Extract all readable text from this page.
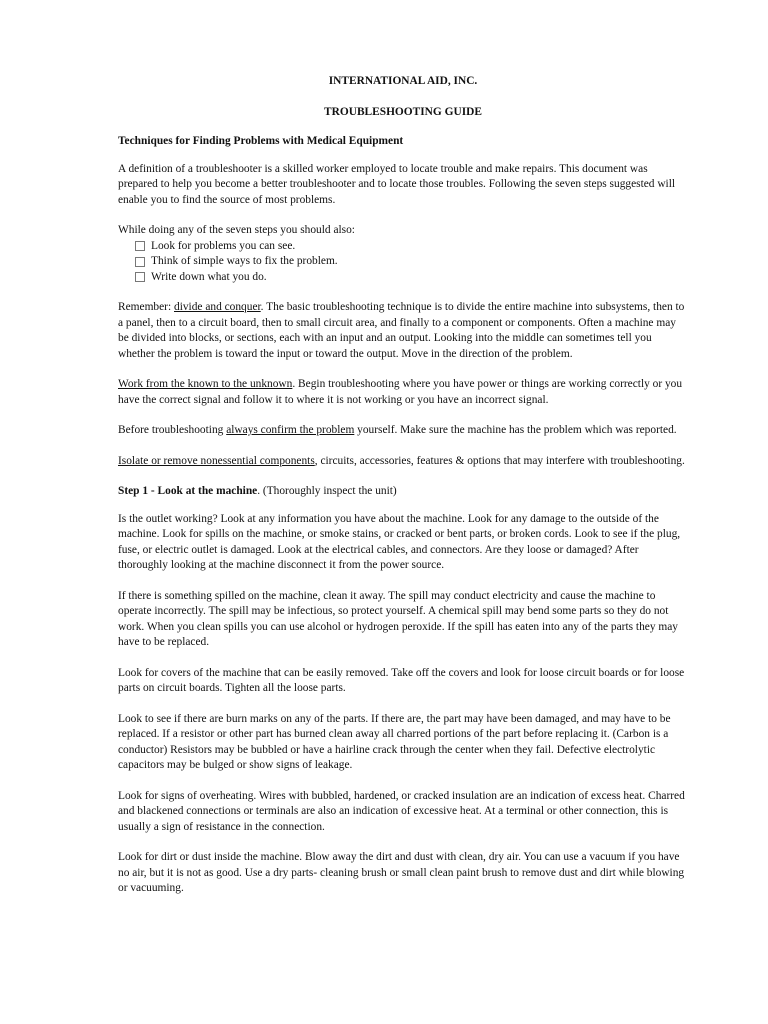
INTERNATIONAL AID, INC.

TROUBLESHOOTING GUIDE

Techniques for Finding Problems with Medical Equipment

A definition of a troubleshooter is a skilled worker employed to locate trouble and make repairs. This document was prepared to help you become a better troubleshooter and to locate those troubles. Following the seven steps suggested will enable you to find the source of most problems.

While doing any of the seven steps you should also:

Look for problems you can see.
Think of simple ways to fix the problem.
Write down what you do.

Remember: divide and conquer. The basic troubleshooting technique is to divide the entire machine into subsystems, then to a panel, then to a circuit board, then to small circuit area, and finally to a component or components. Often a machine may be divided into blocks, or sections, each with an input and an output. Looking into the middle can sometimes tell you whether the problem is toward the input or toward the output. Move in the direction of the problem.

Work from the known to the unknown. Begin troubleshooting where you have power or things are working correctly or you have the correct signal and follow it to where it is not working or you have an incorrect signal.

Before troubleshooting always confirm the problem yourself. Make sure the machine has the problem which was reported.

Isolate or remove nonessential components, circuits, accessories, features & options that may interfere with troubleshooting.

Step 1 - Look at the machine. (Thoroughly inspect the unit)

Is the outlet working? Look at any information you have about the machine. Look for any damage to the outside of the machine. Look for spills on the machine, or smoke stains, or cracked or bent parts, or broken cords. Look to see if the plug, fuse, or electric outlet is damaged. Look at the electrical cables, and connectors. Are they loose or damaged? After thoroughly looking at the machine disconnect it from the power source.

If there is something spilled on the machine, clean it away. The spill may conduct electricity and cause the machine to operate incorrectly. The spill may be infectious, so protect yourself. A chemical spill may bend some parts so they do not work. When you clean spills you can use alcohol or hydrogen peroxide. If the spill has eaten into any of the parts they may have to be replaced.

Look for covers of the machine that can be easily removed. Take off the covers and look for loose circuit boards or for loose parts on circuit boards. Tighten all the loose parts.

Look to see if there are burn marks on any of the parts. If there are, the part may have been damaged, and may have to be replaced. If a resistor or other part has burned clean away all charred portions of the part before replacing it. (Carbon is a conductor) Resistors may be bubbled or have a hairline crack through the center when they fail. Defective electrolytic capacitors may be bulged or show signs of leakage.

Look for signs of overheating. Wires with bubbled, hardened, or cracked insulation are an indication of excess heat. Charred and blackened connections or terminals are also an indication of excessive heat. At a terminal or other connection, this is usually a sign of resistance in the connection.

Look for dirt or dust inside the machine. Blow away the dirt and dust with clean, dry air. You can use a vacuum if you have no air, but it is not as good. Use a dry parts- cleaning brush or small clean paint brush to remove dust and dirt while blowing or vacuuming.
